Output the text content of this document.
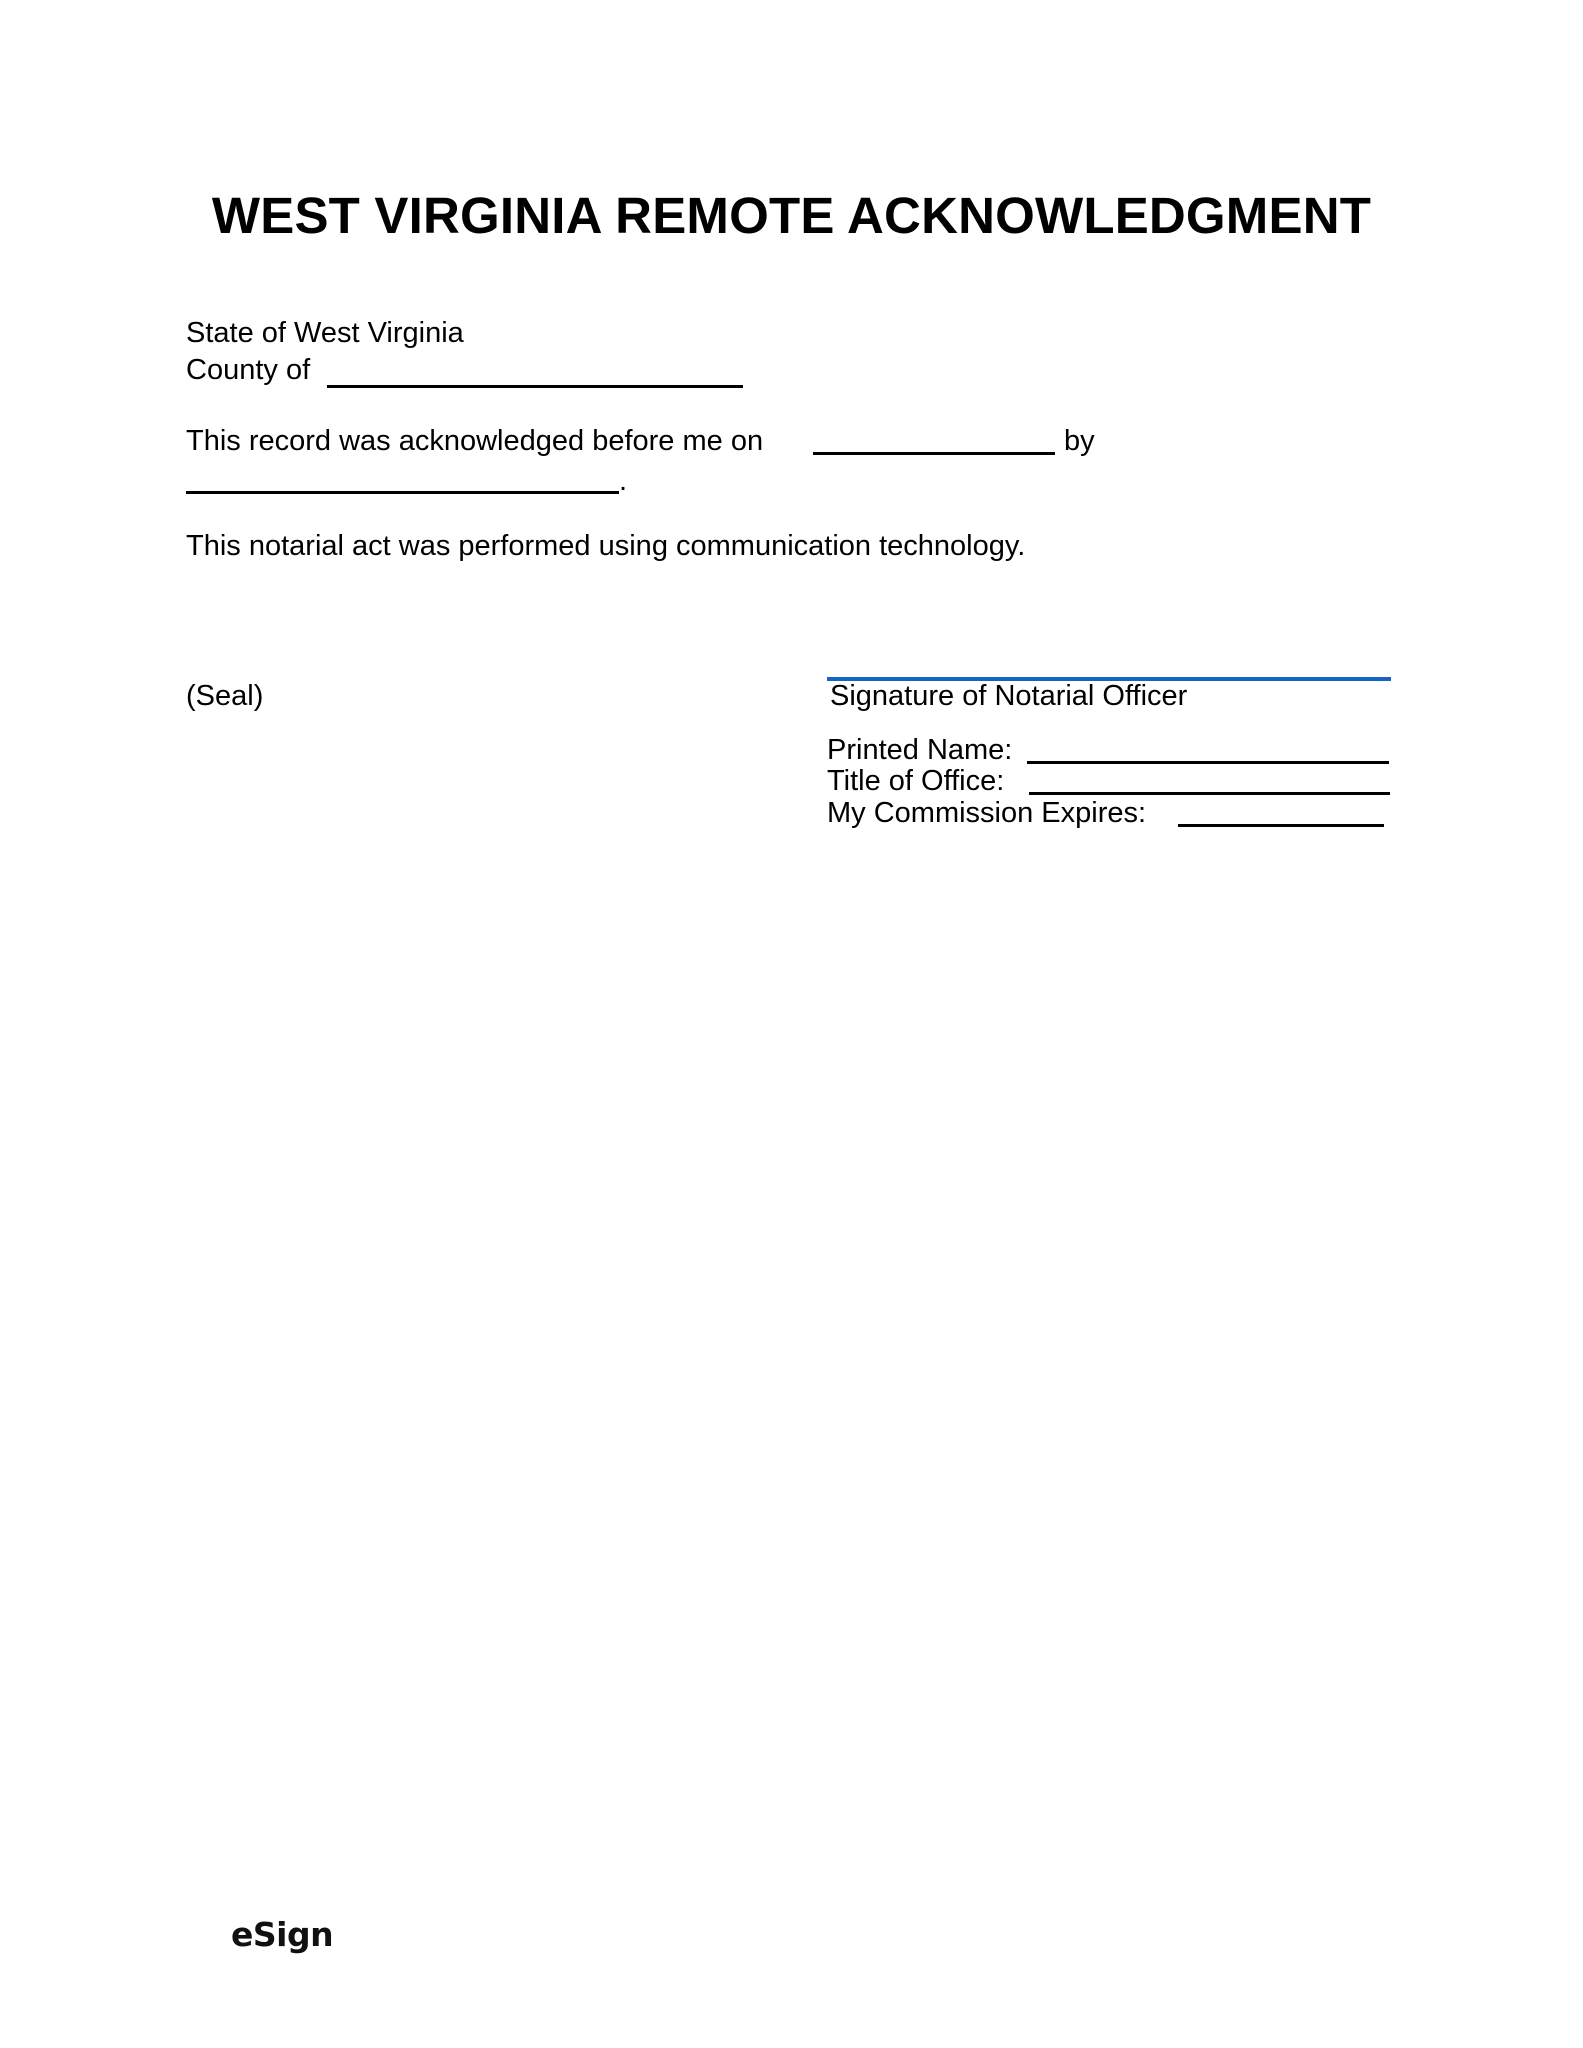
WEST VIRGINIA REMOTE ACKNOWLEDGMENT
State of West Virginia
County of
This record was acknowledged before me on	by
.
This notarial act was performed using communication technology.
(Seal)	Signature of Notarial Officer
Printed Name:
Title of Office:
My Commission Expires:
eSign
